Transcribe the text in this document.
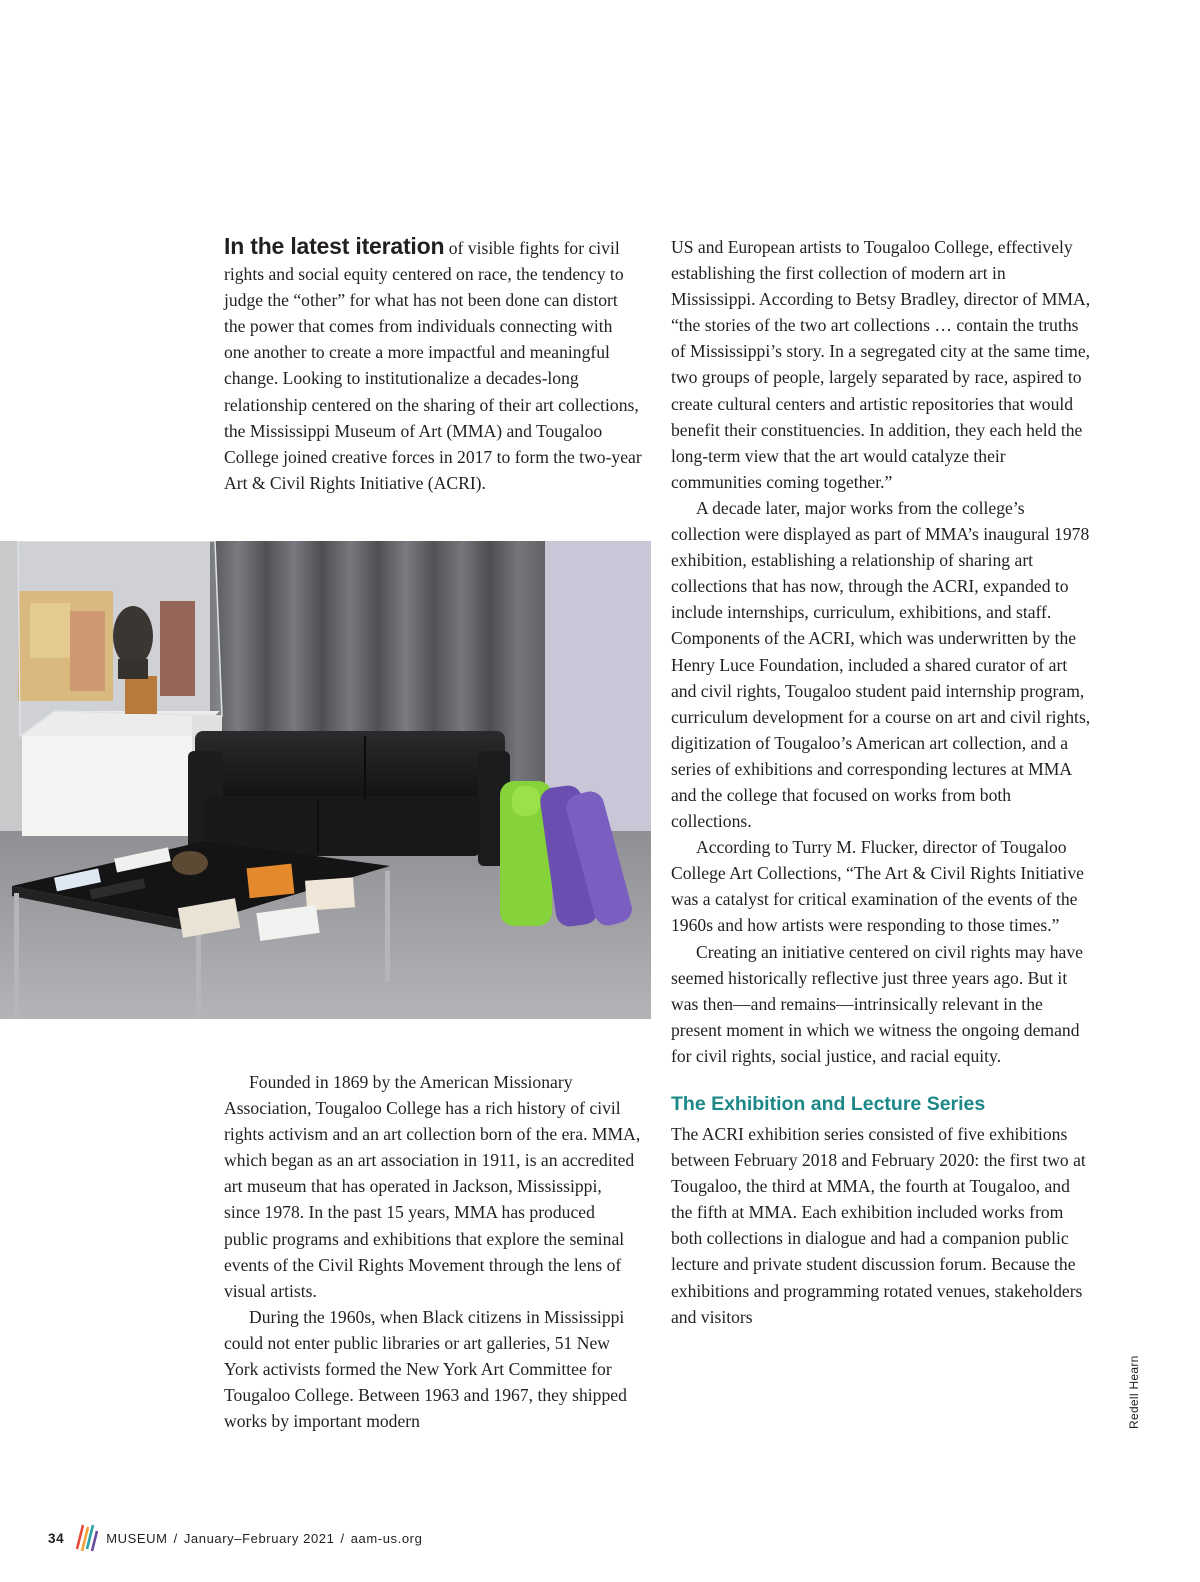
In the latest iteration of visible fights for civil rights and social equity centered on race, the tendency to judge the “other” for what has not been done can distort the power that comes from individuals connecting with one another to create a more impactful and meaningful change. Looking to institutionalize a decades-long relationship centered on the sharing of their art collections, the Mississippi Museum of Art (MMA) and Tougaloo College joined creative forces in 2017 to form the two-year Art & Civil Rights Initiative (ACRI).

Founded in 1869 by the American Missionary Association, Tougaloo College has a rich history of civil rights activism and an art collection born of the era. MMA, which began as an art association in 1911, is an accredited art museum that has operated in Jackson, Mississippi, since 1978. In the past 15 years, MMA has produced public programs and exhibitions that explore the seminal events of the Civil Rights Movement through the lens of visual artists.

During the 1960s, when Black citizens in Mississippi could not enter public libraries or art galleries, 51 New York activists formed the New York Art Committee for Tougaloo College. Between 1963 and 1967, they shipped works by important modern

US and European artists to Tougaloo College, effectively establishing the first collection of modern art in Mississippi. According to Betsy Bradley, director of MMA, “the stories of the two art collections … contain the truths of Mississippi’s story. In a segregated city at the same time, two groups of people, largely separated by race, aspired to create cultural centers and artistic repositories that would benefit their constituencies. In addition, they each held the long-term view that the art would catalyze their communities coming together.”

A decade later, major works from the college’s collection were displayed as part of MMA’s inaugural 1978 exhibition, establishing a relationship of sharing art collections that has now, through the ACRI, expanded to include internships, curriculum, exhibitions, and staff. Components of the ACRI, which was underwritten by the Henry Luce Foundation, included a shared curator of art and civil rights, Tougaloo student paid internship program, curriculum development for a course on art and civil rights, digitization of Tougaloo’s American art collection, and a series of exhibitions and corresponding lectures at MMA and the college that focused on works from both collections.

According to Turry M. Flucker, director of Tougaloo College Art Collections, “The Art & Civil Rights Initiative was a catalyst for critical examination of the events of the 1960s and how artists were responding to those times.”

Creating an initiative centered on civil rights may have seemed historically reflective just three years ago. But it was then—and remains—intrinsically relevant in the present moment in which we witness the ongoing demand for civil rights, social justice, and racial equity.

The Exhibition and Lecture Series

The ACRI exhibition series consisted of five exhibitions between February 2018 and February 2020: the first two at Tougaloo, the third at MMA, the fourth at Tougaloo, and the fifth at MMA. Each exhibition included works from both collections in dialogue and had a companion public lecture and private student discussion forum. Because the exhibitions and programming rotated venues, stakeholders and visitors

Redell Hearn
34	MUSEUM / January–February 2021 / aam-us.org
